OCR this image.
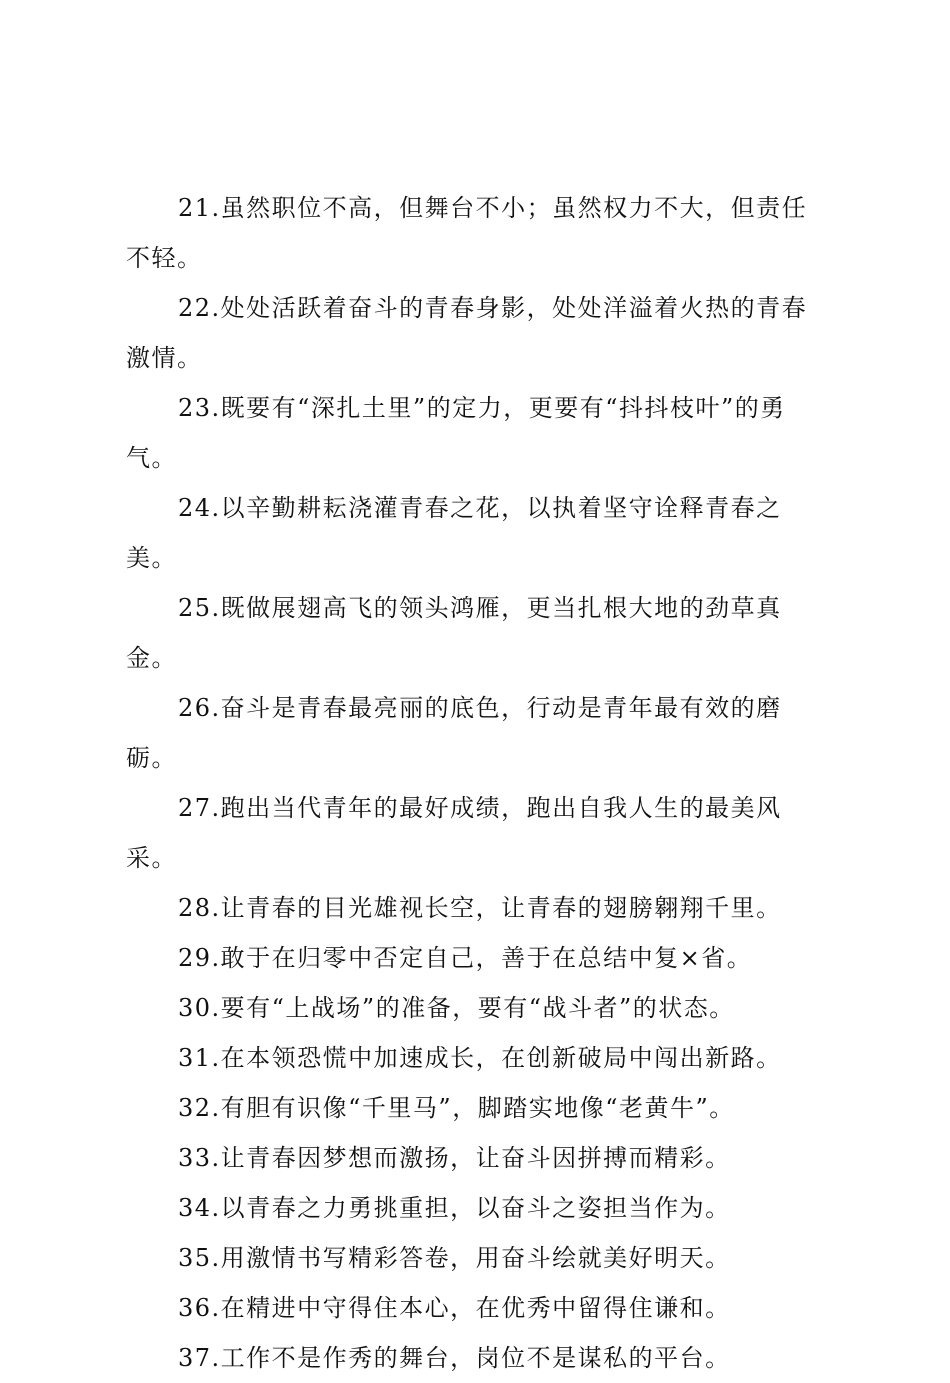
21.虽然职位不高，但舞台不小；虽然权力不大，但责任不轻。

22.处处活跃着奋斗的青春身影，处处洋溢着火热的青春激情。

23.既要有“深扎土里”的定力，更要有“抖抖枝叶”的勇气。

24.以辛勤耕耘浇灌青春之花，以执着坚守诠释青春之美。

25.既做展翅高飞的领头鸿雁，更当扎根大地的劲草真金。

26.奋斗是青春最亮丽的底色，行动是青年最有效的磨砺。

27.跑出当代青年的最好成绩，跑出自我人生的最美风采。

28.让青春的目光雄视长空，让青春的翅膀翱翔千里。

29.敢于在归零中否定自己，善于在总结中复×省。

30.要有“上战场”的准备，要有“战斗者”的状态。

31.在本领恐慌中加速成长，在创新破局中闯出新路。

32.有胆有识像“千里马”，脚踏实地像“老黄牛”。

33.让青春因梦想而激扬，让奋斗因拼搏而精彩。

34.以青春之力勇挑重担，以奋斗之姿担当作为。

35.用激情书写精彩答卷，用奋斗绘就美好明天。

36.在精进中守得住本心，在优秀中留得住谦和。

37.工作不是作秀的舞台，岗位不是谋私的平台。
